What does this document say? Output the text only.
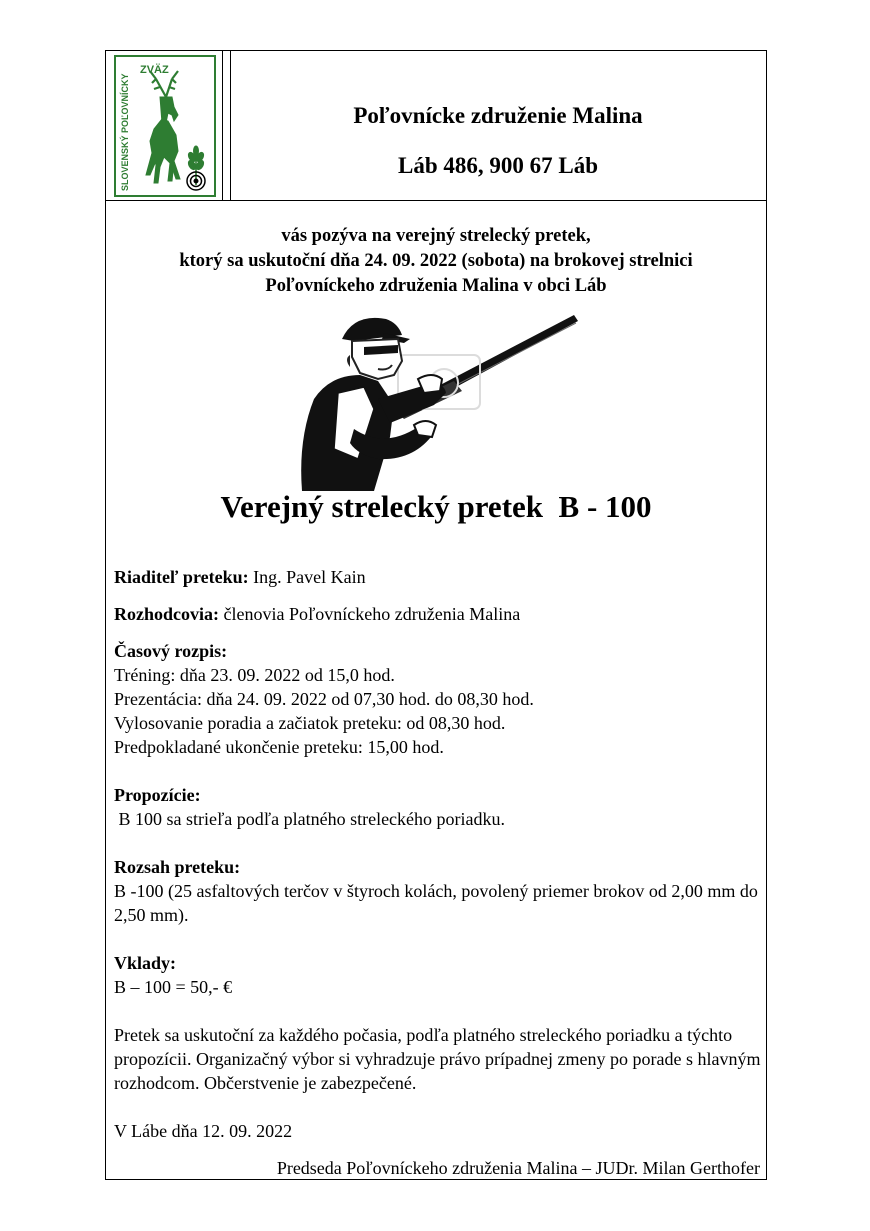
SLOVENSKÝ POĽOVNÍCKY
ZVÄZ
Poľovnícke združenie Malina
Láb 486, 900 67 Láb
vás pozýva na verejný strelecký pretek,
ktorý sa uskutoční dňa 24. 09. 2022 (sobota) na brokovej strelnici
Poľovníckeho združenia Malina v obci Láb
Verejný strelecký pretek  B - 100

Riaditeľ preteku: Ing. Pavel Kain

Rozhodcovia: členovia Poľovníckeho združenia Malina

Časový rozpis:

Tréning: dňa 23. 09. 2022 od 15,0 hod.

Prezentácia: dňa 24. 09. 2022 od 07,30 hod. do 08,30 hod.

Vylosovanie poradia a začiatok preteku: od 08,30 hod.

Predpokladané ukončenie preteku: 15,00 hod.

Propozície:

B 100 sa strieľa podľa platného streleckého poriadku.

Rozsah preteku:

B -100 (25 asfaltových terčov v štyroch kolách, povolený priemer brokov od 2,00 mm do 2,50 mm).

Vklady:

B – 100 = 50,- €

Pretek sa uskutoční za každého počasia, podľa platného streleckého poriadku a týchto propozícii. Organizačný výbor si vyhradzuje právo prípadnej zmeny po porade s hlavným rozhodcom. Občerstvenie je zabezpečené.

V Lábe dňa 12. 09. 2022

Predseda Poľovníckeho združenia Malina – JUDr. Milan Gerthofer
